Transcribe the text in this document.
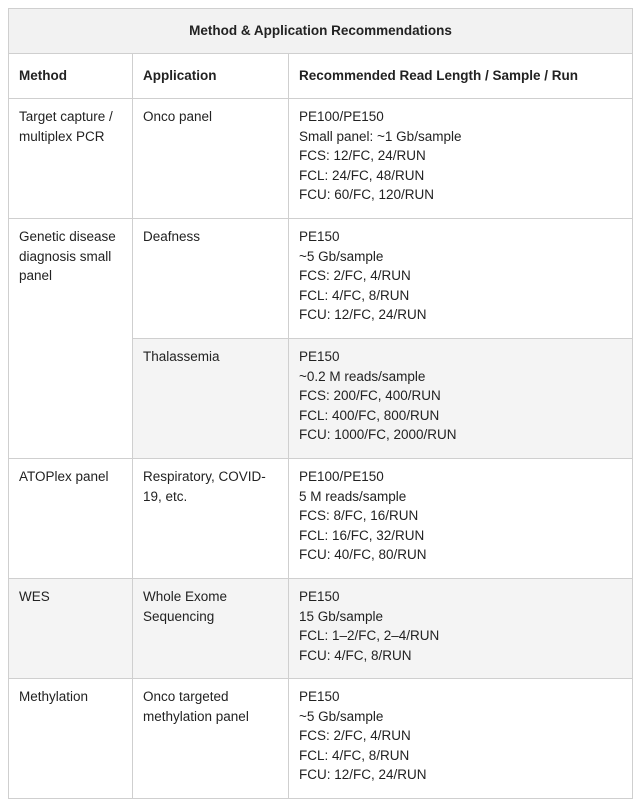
Method & Application Recommendations		
Method	Application	Recommended Read Length / Sample / Run
Target capture / multiplex PCR	Onco panel	PE100/PE150
Small panel: ~1 Gb/sample
FCS: 12/FC, 24/RUN
FCL: 24/FC, 48/RUN
FCU: 60/FC, 120/RUN

Genetic disease diagnosis small panel	Deafness	PE150
~5 Gb/sample
FCS: 2/FC, 4/RUN
FCL: 4/FC, 8/RUN
FCU: 12/FC, 24/RUN

	Thalassemia	PE150
~0.2 M reads/sample
FCS: 200/FC, 400/RUN
FCL: 400/FC, 800/RUN
FCU: 1000/FC, 2000/RUN

ATOPlex panel	Respiratory, COVID-19, etc.	PE100/PE150
5 M reads/sample
FCS: 8/FC, 16/RUN
FCL: 16/FC, 32/RUN
FCU: 40/FC, 80/RUN

WES	Whole Exome Sequencing	PE150
15 Gb/sample
FCL: 1–2/FC, 2–4/RUN
FCU: 4/FC, 8/RUN

Methylation	Onco targeted methylation panel	PE150
~5 Gb/sample
FCS: 2/FC, 4/RUN
FCL: 4/FC, 8/RUN
FCU: 12/FC, 24/RUN
